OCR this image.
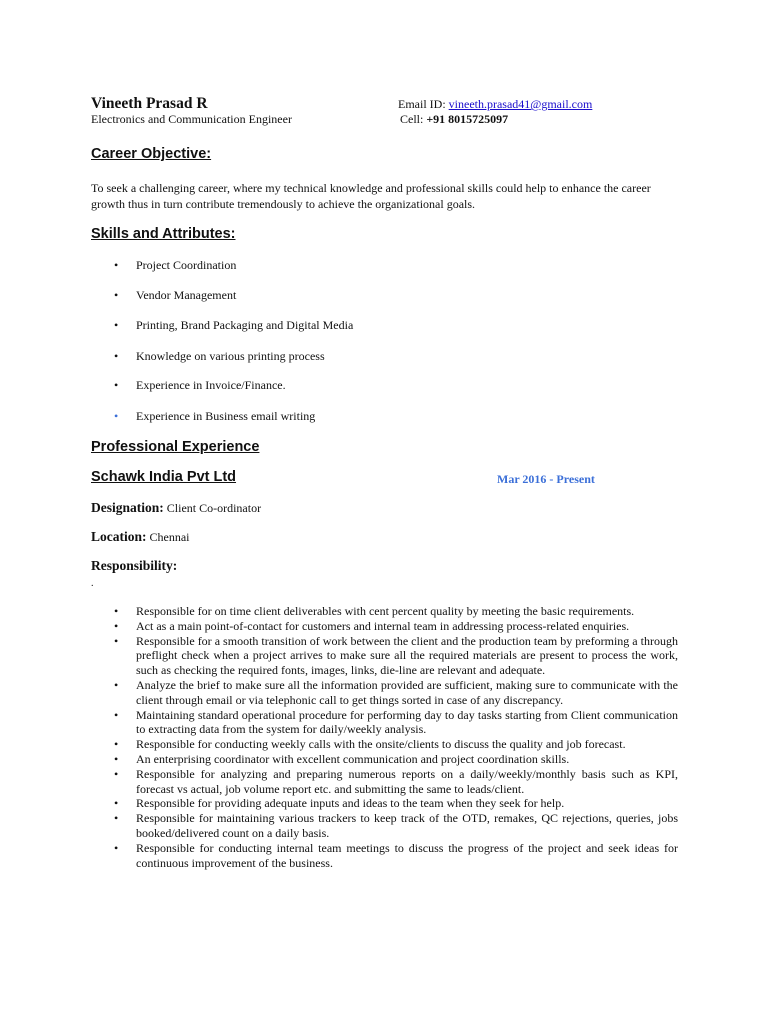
Vineeth Prasad R
Electronics and Communication Engineer
Email ID: vineeth.prasad41@gmail.com
Cell: +91 8015725097
Career Objective:
To seek a challenging career, where my technical knowledge and professional skills could help to enhance the career
growth thus in turn contribute tremendously to achieve the organizational goals.
Skills and Attributes:
• Project Coordination
• Vendor Management
• Printing, Brand Packaging and Digital Media
• Knowledge on various printing process
• Experience in Invoice/Finance.
• Experience in Business email writing
Professional Experience
Schawk India Pvt Ltd	Mar 2016 - Present
Designation: Client Co-ordinator
Location: Chennai
Responsibility:
.
•	Responsible for on time client deliverables with cent percent quality by meeting the basic requirements.
•	Act as a main point-of-contact for customers and internal team in addressing process-related enquiries.
•	Responsible for a smooth transition of work between the client and the production team by preforming a through preflight check when a project arrives to make sure all the required materials are present to process the work, such as checking the required fonts, images, links, die-line are relevant and adequate.
•	Analyze the brief to make sure all the information provided are sufficient, making sure to communicate with the client through email or via telephonic call to get things sorted in case of any discrepancy.
•	Maintaining standard operational procedure for performing day to day tasks starting from Client communication to extracting data from the system for daily/weekly analysis.
•	Responsible for conducting weekly calls with the onsite/clients to discuss the quality and job forecast.
•	An enterprising coordinator with excellent communication and project coordination skills.
•	Responsible for analyzing and preparing numerous reports on a daily/weekly/monthly basis such as KPI, forecast vs actual, job volume report etc. and submitting the same to leads/client.
•	Responsible for providing adequate inputs and ideas to the team when they seek for help.
•	Responsible for maintaining various trackers to keep track of the OTD, remakes, QC rejections, queries, jobs booked/delivered count on a daily basis.
•	Responsible for conducting internal team meetings to discuss the progress of the project and seek ideas for continuous improvement of the business.
